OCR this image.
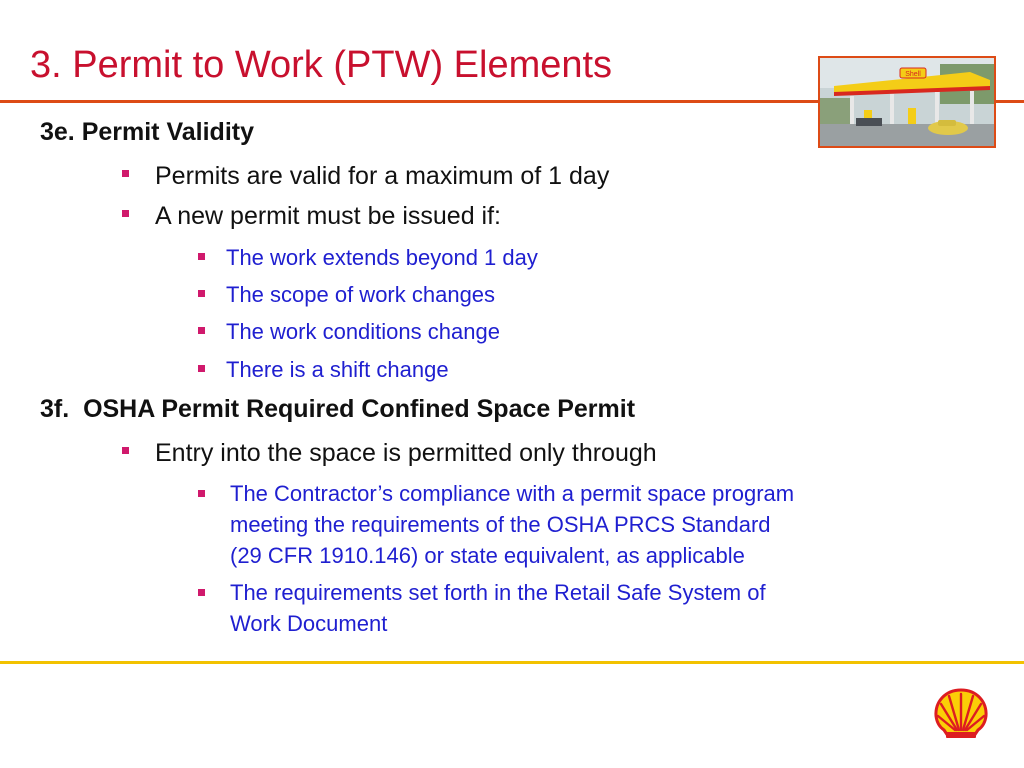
3. Permit to Work (PTW) Elements	Shell
3e. Permit Validity
Permits are valid for a maximum of 1 day
A new permit must be issued if:
The work extends beyond 1 day
The scope of work changes
The work conditions change
There is a shift change
3f.  OSHA Permit Required Confined Space Permit
Entry into the space is permitted only through
The Contractor’s compliance with a permit space program
meeting the requirements of the OSHA PRCS Standard
(29 CFR 1910.146) or state equivalent, as applicable
The requirements set forth in the Retail Safe System of
Work Document
